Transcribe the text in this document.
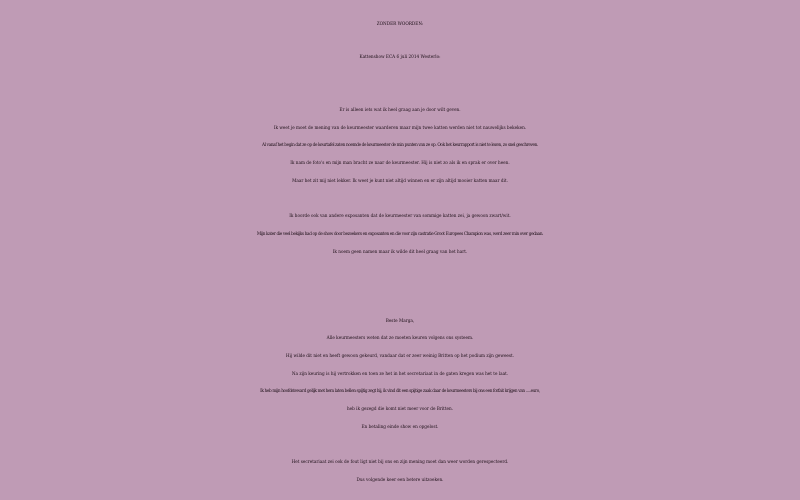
ZONDER WOORDEN:
Kattenshow ECA 6 juli 2014 Westerlo:
Er is alleen iets wat ik heel graag aan je door wilt geven.
Ik weet je moet de mening van de keurmeester waarderen maar mijn twee katten werden niet tot nauwelijks bekeken.
Al vanaf het begin dat ze op de keurtafel zaten noemde de keurmeester de min punten van ze op. Ook het keurrapport is niet te lezen, zo snel geschreven.
Ik nam de foto's en mijn man bracht ze naar de keurmeester. Hij is niet zo als ik en sprak er over heen.
Maar het zit mij niet lekker. Ik weet je kunt niet altijd winnen en er zijn altijd mooier katten maar dit.
Ik hoorde ook van andere exposanten dat de keurmeester van sommige katten zei, ja gewoon zwart/wit.
Mijn kater die veel bekijks had op de show door bezoekers en exposanten en die voor zijn castratie Groot Europees Champion was, werd zeer min over gedaan.
Ik noem geen namen maar ik wilde dit heel graag van het hart.
Beste Marga,
Alle keurmeesters weten dat ze moeten keuren volgens ons systeem.
Hij wilde dit niet en heeft gewoon gekeurd, vandaar dat er zeer weinig Britten op het podium zijn geweest.
Na zijn keuring is hij vertrokken en toen ze het in het secretariaat in de gaten kregen was het te laat.
Ik heb mijn hoofdsteward gelijk met hem laten bellen spijtig zegt hij, ik vind dit een spijtige zaak daar de keurmeesters bij ons een forfait krijgen van .....euro,
heb ik gezegd die komt niet meer voor de Britten.
En betaling einde show en opgelost.
Het secretariaat zei ook de fout ligt niet bij ons en zijn mening moet dan weer worden gerespecteerd.
Dus volgende keer een betere uitzoeken.
